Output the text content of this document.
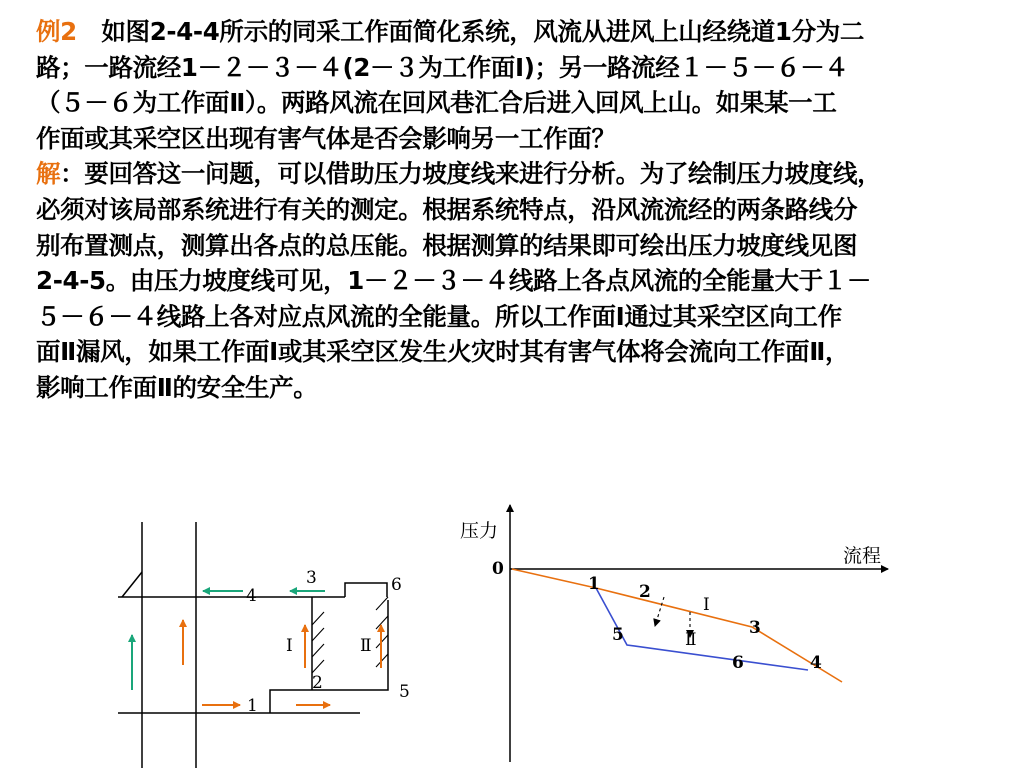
例2 如图2-4-4所示的同采工作面简化系统，风流从进风上山经绕道1分为二
路；一路流经1－２－３－４(2－３为工作面Ⅰ)；另一路流经１－５－６－４
（５－６为工作面Ⅱ）。两路风流在回风巷汇合后进入回风上山。如果某一工
作面或其采空区出现有害气体是否会影响另一工作面？

解：要回答这一问题，可以借助压力坡度线来进行分析。为了绘制压力坡度线，
必须对该局部系统进行有关的测定。根据系统特点，沿风流流经的两条路线分
别布置测点，测算出各点的总压能。根据测算的结果即可绘出压力坡度线见图
2-4-5。由压力坡度线可见，1－２－３－４线路上各点风流的全能量大于１－
５－６－４线路上各对应点风流的全能量。所以工作面Ⅰ通过其采空区向工作
面Ⅱ漏风，如果工作面Ⅰ或其采空区发生火灾时其有害气体将会流向工作面Ⅱ，
影响工作面Ⅱ的安全生产。

3
4
6
Ⅰ	Ⅱ
2	5
1
压力
流程
0
1 2
Ⅰ
3
5	Ⅱ
6	4
